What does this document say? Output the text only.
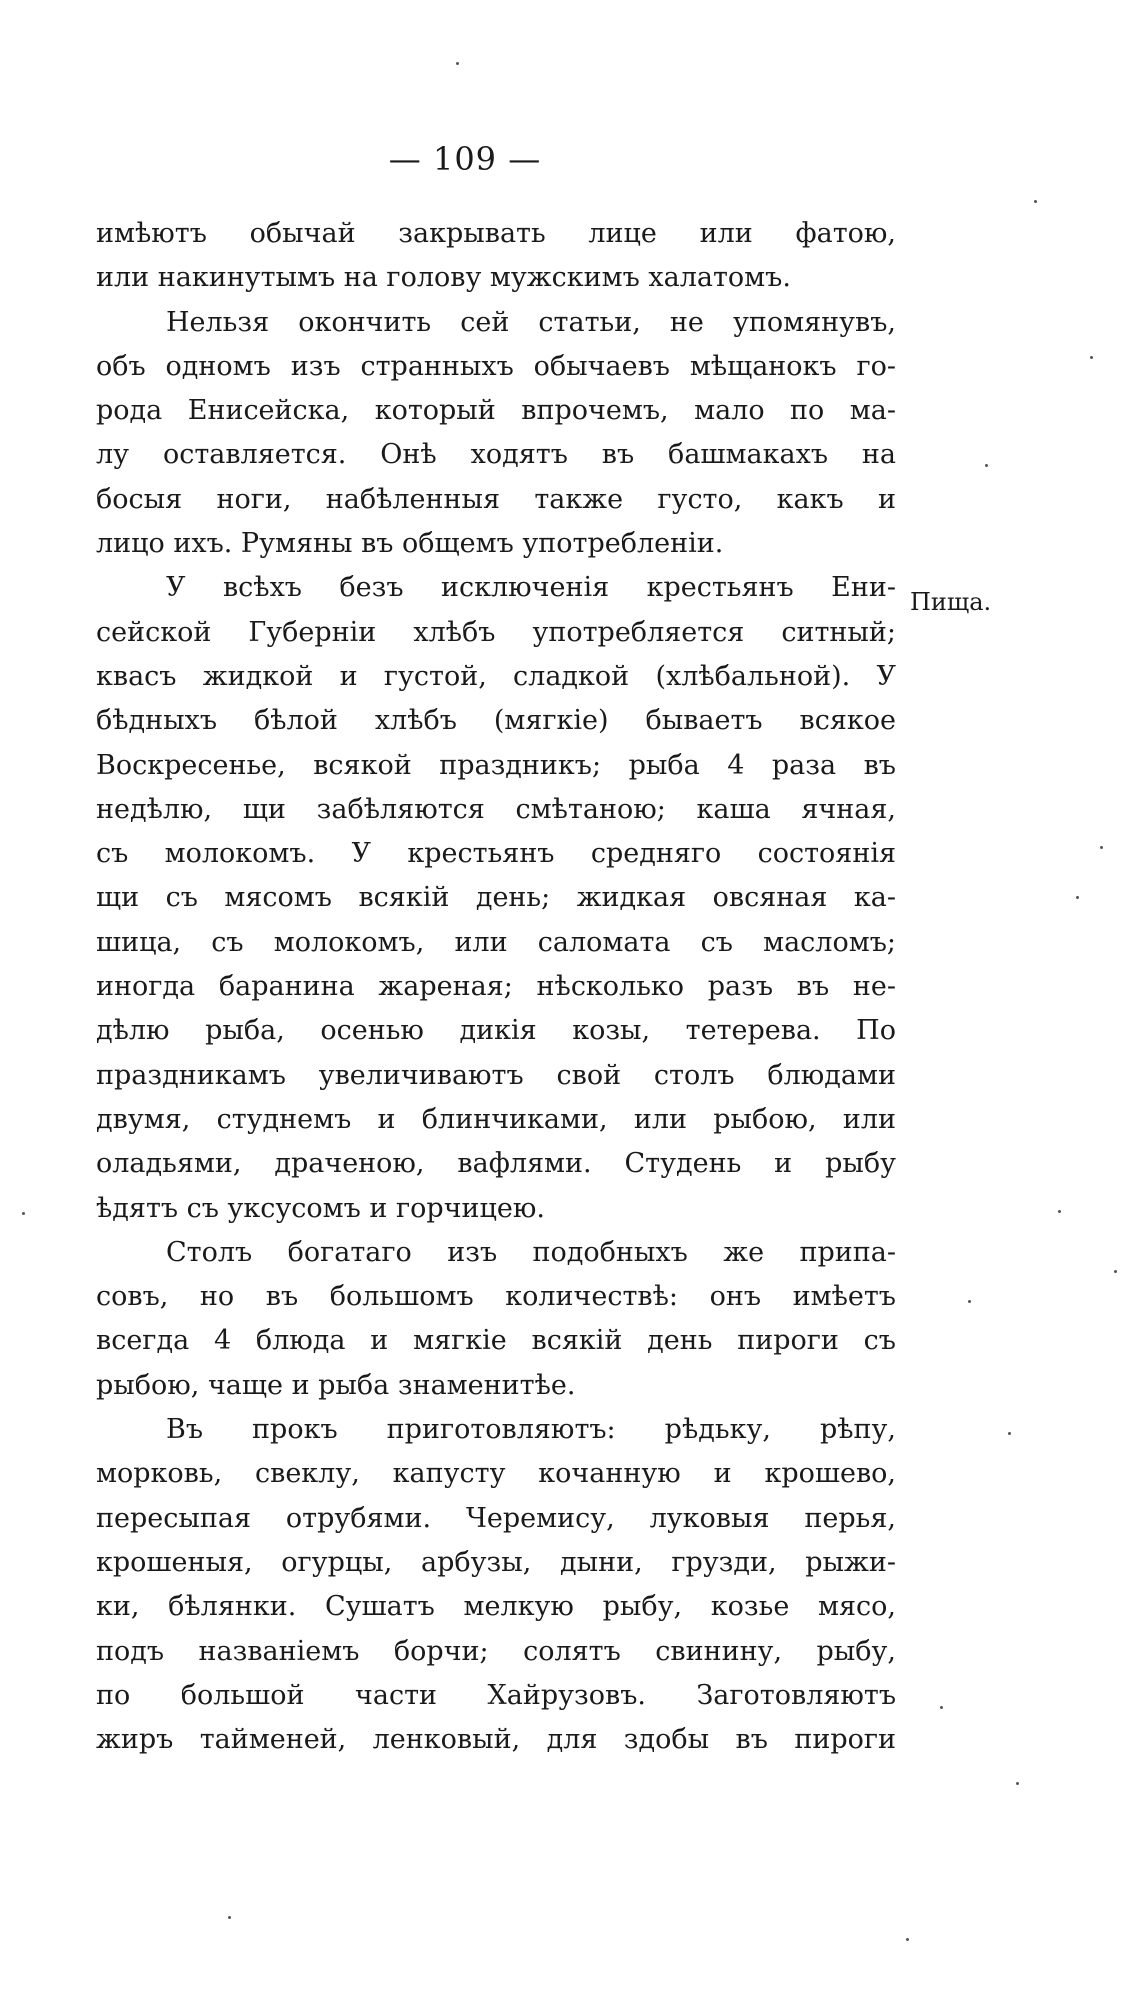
— 109 —
Пища.

имѣютъ обычай закрывать лице или фатою,
или накинутымъ на голову мужскимъ халатомъ.

Нельзя окончить сей статьи, не упомянувъ,
объ одномъ изъ странныхъ обычаевъ мѣщанокъ го-
рода Енисейска, который впрочемъ, мало по ма-
лу оставляется. Онѣ ходятъ въ башмакахъ на
босыя ноги, набѣленныя также густо, какъ и
лицо ихъ. Румяны въ общемъ употребленіи.

У всѣхъ безъ исключенія крестьянъ Ени-
сейской Губерніи хлѣбъ употребляется ситный;
квасъ жидкой и густой, сладкой (хлѣбальной). У
бѣдныхъ бѣлой хлѣбъ (мягкіе) бываетъ всякое
Воскресенье, всякой праздникъ; рыба 4 раза въ
недѣлю, щи забѣляются смѣтаною; каша ячная,
съ молокомъ. У крестьянъ средняго состоянія
щи съ мясомъ всякій день; жидкая овсяная ка-
шица, съ молокомъ, или саломата съ масломъ;
иногда баранина жареная; нѣсколько разъ въ не-
дѣлю рыба, осенью дикія козы, тетерева. По
праздникамъ увеличиваютъ свой столъ блюдами
двумя, студнемъ и блинчиками, или рыбою, или
оладьями, драченою, вафлями. Студень и рыбу
ѣдятъ съ уксусомъ и горчицею.

Столъ богатаго изъ подобныхъ же припа-
совъ, но въ большомъ количествѣ: онъ имѣетъ
всегда 4 блюда и мягкіе всякій день пироги съ
рыбою, чаще и рыба знаменитѣе.

Въ прокъ приготовляютъ: рѣдьку, рѣпу,
морковь, свеклу, капусту кочанную и крошево,
пересыпая отрубями. Черемису, луковыя перья,
крошеныя, огурцы, арбузы, дыни, грузди, рыжи-
ки, бѣлянки. Сушатъ мелкую рыбу, козье мясо,
подъ названіемъ борчи; солятъ свинину, рыбу,
по большой части Хайрузовъ. Заготовляютъ
жиръ таймeней, ленковый, для здобы въ пироги
